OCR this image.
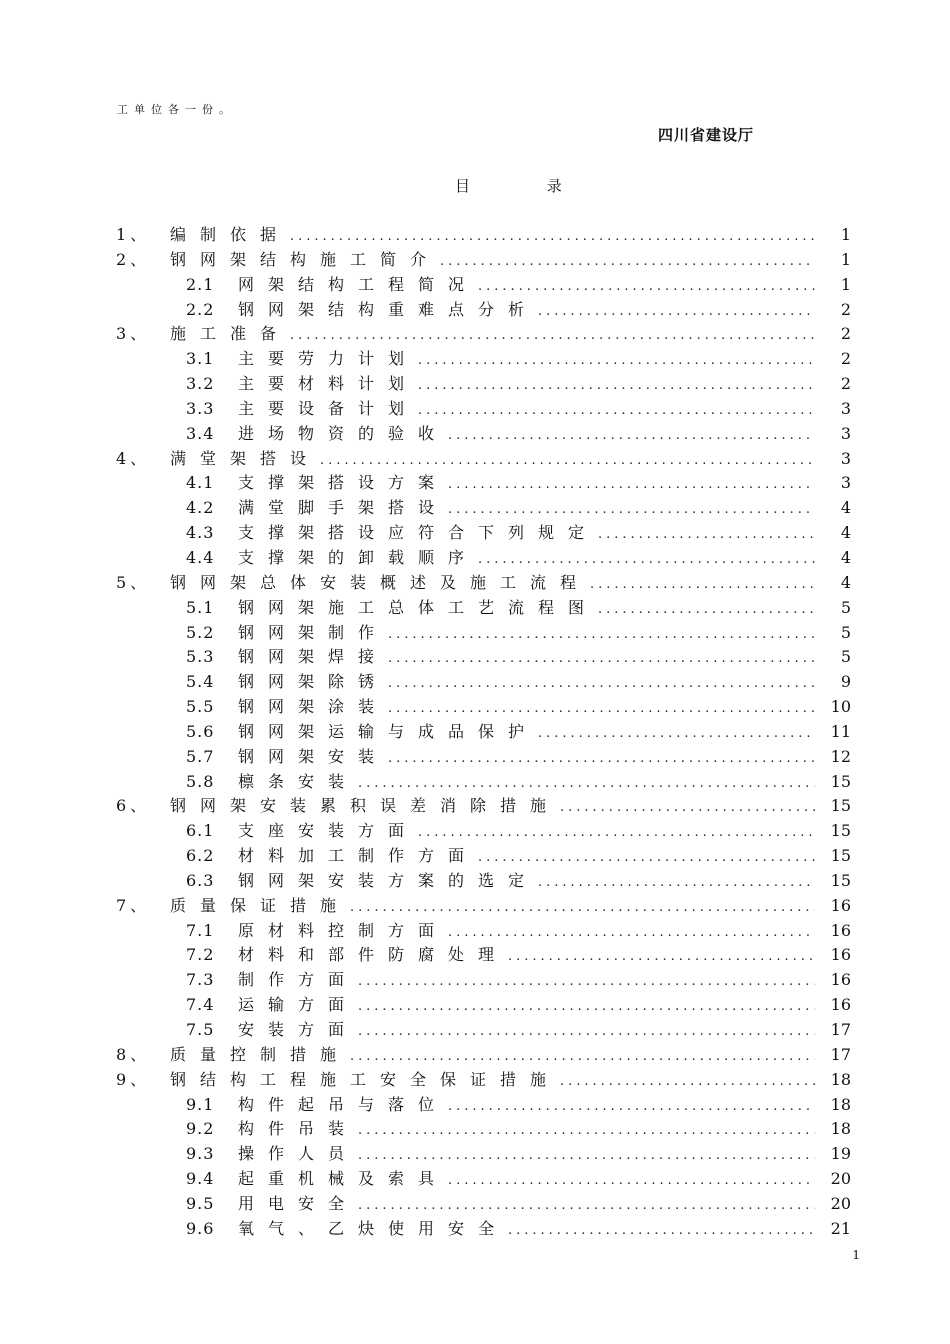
工单位各一份。
四川省建设厅
目 录
1、	编制依据 .....	1
2、	钢网架结构施工简介 .....	1
2.1	网架结构工程简况 .....	1
2.2	钢网架结构重难点分析 .....	2
3、	施工准备 .....	2
3.1	主要劳力计划 .....	2
3.2	主要材料计划 .....	2
3.3	主要设备计划 .....	3
3.4	进场物资的验收 .....	3
4、	满堂架搭设 .....	3
4.1	支撑架搭设方案 .....	3
4.2	满堂脚手架搭设 .....	4
4.3	支撑架搭设应符合下列规定 .....	4
4.4	支撑架的卸载顺序 .....	4
5、	钢网架总体安装概述及施工流程 .....	4
5.1	钢网架施工总体工艺流程图 .....	5
5.2	钢网架制作 .....	5
5.3	钢网架焊接 .....	5
5.4	钢网架除锈 .....	9
5.5	钢网架涂装 .....	10
5.6	钢网架运输与成品保护 .....	11
5.7	钢网架安装 .....	12
5.8	檩条安装 .....	15
6、	钢网架安装累积误差消除措施 .....	15
6.1	支座安装方面 .....	15
6.2	材料加工制作方面 .....	15
6.3	钢网架安装方案的选定 .....	15
7、	质量保证措施 .....	16
7.1	原材料控制方面 .....	16
7.2	材料和部件防腐处理 .....	16
7.3	制作方面 .....	16
7.4	运输方面 .....	16
7.5	安装方面 .....	17
8、	质量控制措施 .....	17
9、	钢结构工程施工安全保证措施 .....	18
9.1	构件起吊与落位 .....	18
9.2	构件吊装 .....	18
9.3	操作人员 .....	19
9.4	起重机械及索具 .....	20
9.5	用电安全 .....	20
9.6	氧气、乙炔使用安全 .....	21
1
